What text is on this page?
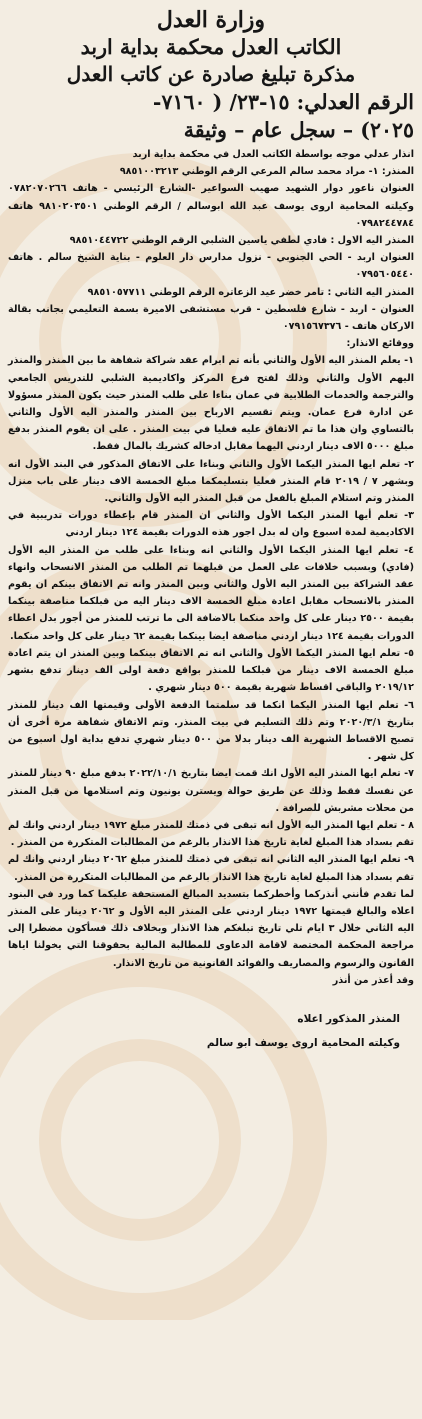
وزارة العدل
الكاتب العدل محكمة بداية اربد
مذكرة تبليغ صادرة عن كاتب العدل
الرقم العدلي: ١٥-٢٣/ ( ٧١٦٠-
٢٠٢٥) – سجل عام – وثيقة

انذار عدلي موجه بواسطة الكاتب العدل في محكمة بداية اربد

المنذر: ١- مراد محمد سالم المرعي الرقم الوطني ٩٨٥١٠٠٣٢١٣

العنوان ناعور دوار الشهيد صهيب السواعير -الشارع الرئيسي - هاتف ٠٧٨٢٠٧٠٢٦٦ وكيلته المحامية اروى يوسف عبد الله ابوسالم / الرقم الوطني ٩٨١٠٢٠٣٥٠١ هاتف ٠٧٩٨٢٤٤٧٨٤

المنذر اليه الاول : فادي لطفي ياسين الشلبي الرقم الوطني ٩٨٥١٠٤٤٧٢٢

العنوان اربد - الحي الجنوبي - نزول مدارس دار العلوم - بناية الشيخ سالم . هاتف ٠٧٩٥٦٠٥٤٤٠

المنذر اليه الثاني : تامر خضر عيد الزعاتره الرقم الوطني ٩٨٥١٠٥٧٧١١

العنوان - اربد - شارع فلسطين - قرب مستشفى الاميرة بسمة التعليمي بجانب بقالة الاركان هاتف - ٠٧٩١٥٦٧٣٧٦

ووقائع الانذار:

١- يعلم المنذر اليه الأول والثاني بأنه تم ابرام عقد شراكة شفاهة ما بين المنذر والمنذر اليهم الأول والثاني وذلك لفتح فرع المركز واكاديمية الشلبي للتدريس الجامعي والترجمة والخدمات الطلابية في عمان بناءا على طلب المنذر حيث يكون المنذر مسؤولا عن ادارة فرع عمان. ويتم تقسيم الارباح بين المنذر والمنذر اليه الأول والثاني بالتساوي وان هذا ما تم الاتفاق عليه فعليا في بيت المنذر . على ان يقوم المنذر بدفع مبلغ ٥٠٠٠ الاف دينار اردني اليهما مقابل ادخاله كشريك بالمال فقط.

٢- تعلم ايها المنذر اليكما الأول والثاني وبناءا على الاتفاق المذكور في البند الأول انه وبشهر ٧ / ٢٠١٩ قام المنذر فعليا بتسليمكما مبلغ الخمسة الاف دينار على باب منزل المنذر وتم استلام المبلغ بالفعل من قبل المنذر اليه الأول والثاني.

٣- تعلم أيها المنذر اليكما الأول والثاني ان المنذر قام بإعطاء دورات تدريبية في الاكاديمية لمدة اسبوع وان له بدل اجور هذه الدورات بقيمة ١٢٤ دينار اردني

٤- تعلم ايها المنذر اليكما الأول والثاني انه وبناءا على طلب من المنذر اليه الأول (فادي) وبسبب خلافات على العمل من قبلهما تم الطلب من المنذر الانسحاب وانهاء عقد الشراكة بين المنذر اليه الأول والثاني وبين المنذر وانه تم الاتفاق بينكم ان يقوم المنذر بالانسحاب مقابل اعادة مبلغ الخمسة الاف دينار اليه من قبلكما مناصفة بينكما بقيمة ٢٥٠٠ دينار على كل واحد منكما بالاضافة الى ما ترتب للمنذر من أجور بدل اعطاء الدورات بقيمة ١٢٤ دينار اردني مناصفة ايضا بينكما بقيمة ٦٢ دينار على كل واحد منكما.

٥- تعلم ايها المنذر اليكما الأول والثاني انه تم الاتفاق بينكما وبين المنذر ان يتم اعادة مبلغ الخمسة الاف دينار من قبلكما للمنذر بواقع دفعة اولى الف دينار تدفع بشهر ٢٠١٩/١٢ والباقي اقساط شهرية بقيمة ٥٠٠ دينار شهري .

٦- تعلم ايها المنذر اليكما انكما قد سلمتما الدفعة الأولى وقيمتها الف دينار للمنذر بتاريخ ٢٠٢٠/٣/١ وتم ذلك التسليم في بيت المنذر. وتم الاتفاق شفاهة مرة أخرى أن تصبح الاقساط الشهرية الف دينار بدلا من ٥٠٠ دينار شهري تدفع بداية اول اسبوع من كل شهر .

٧- تعلم ايها المنذر اليه الأول انك قمت ايضا بتاريخ ٢٠٢٢/١٠/١ بدفع مبلغ ٩٠ دينار للمنذر عن نفسك فقط وذلك عن طريق حوالة ويسترن يونيون وتم استلامها من قبل المنذر من محلات مشربش للصرافة .

٨ - تعلم ايها المنذر اليه الأول انه تبقى في ذمتك للمنذر مبلغ ١٩٧٢ دينار اردني وانك لم تقم بسداد هذا المبلغ لغاية تاريخ هذا الانذار بالرغم من المطالبات المتكررة من المنذر .

٩- تعلم ايها المنذر اليه الثاني انه تبقى في ذمتك للمنذر مبلغ ٢٠٦٢ دينار اردني وانك لم تقم بسداد هذا المبلغ لغاية تاريخ هذا الانذار بالرغم من المطالبات المتكررة من المنذر.

لما تقدم فأنني أنذركما وأخطركما بتسديد المبالغ المستحقة عليكما كما ورد في البنود اعلاه والبالغ قيمتها ١٩٧٢ دينار اردني على المنذر اليه الأول و ٢٠٦٢ دينار على المنذر اليه الثاني خلال ٣ ايام تلي تاريخ تبلغكم هذا الانذار وبخلاف ذلك فسأكون مضطرا إلى مراجعة المحكمة المختصة لاقامة الدعاوى للمطالبة المالية بحقوقنا التي يخولنا اياها القانون والرسوم والمصاريف والفوائد القانونية من تاريخ الانذار.

وقد أعذر من أنذر

المنذر المذكور اعلاه
وكيلته المحامية اروى يوسف ابو سالم
